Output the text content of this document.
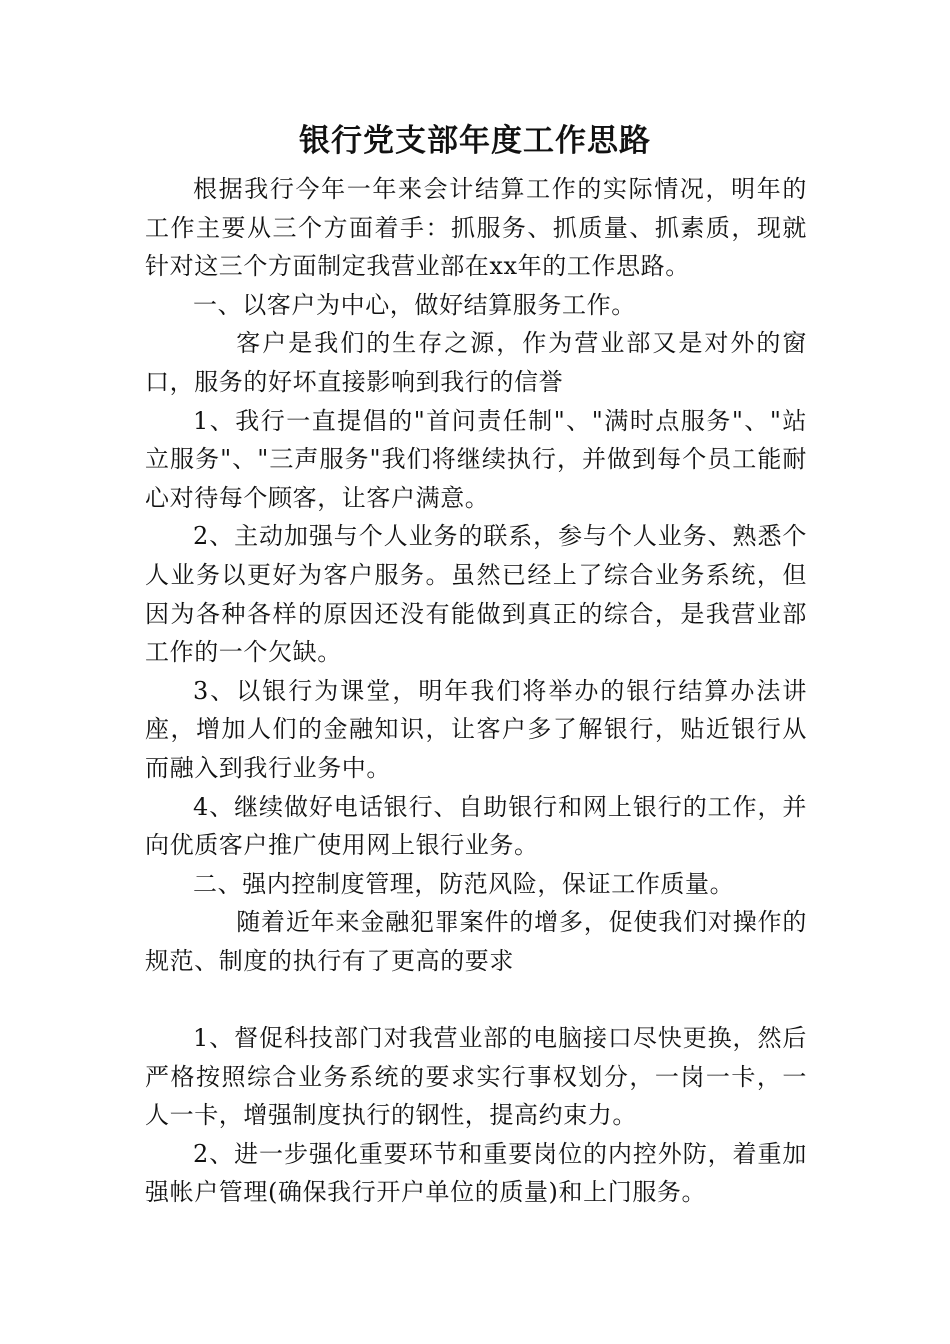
银行党支部年度工作思路

根据我行今年一年来会计结算工作的实际情况，明年的工作主要从三个方面着手：抓服务、抓质量、抓素质，现就针对这三个方面制定我营业部在xx年的工作思路。

一、以客户为中心，做好结算服务工作。

客户是我们的生存之源，作为营业部又是对外的窗口，服务的好坏直接影响到我行的信誉

1、我行一直提倡的"首问责任制"、"满时点服务"、"站立服务"、"三声服务"我们将继续执行，并做到每个员工能耐心对待每个顾客，让客户满意。

2、主动加强与个人业务的联系，参与个人业务、熟悉个人业务以更好为客户服务。虽然已经上了综合业务系统，但因为各种各样的原因还没有能做到真正的综合，是我营业部工作的一个欠缺。

3、以银行为课堂，明年我们将举办的银行结算办法讲座，增加人们的金融知识，让客户多了解银行，贴近银行从而融入到我行业务中。

4、继续做好电话银行、自助银行和网上银行的工作，并向优质客户推广使用网上银行业务。

二、强内控制度管理，防范风险，保证工作质量。

随着近年来金融犯罪案件的增多，促使我们对操作的规范、制度的执行有了更高的要求

1、督促科技部门对我营业部的电脑接口尽快更换，然后严格按照综合业务系统的要求实行事权划分，一岗一卡，一人一卡，增强制度执行的钢性，提高约束力。

2、进一步强化重要环节和重要岗位的内控外防，着重加强帐户管理(确保我行开户单位的质量)和上门服务。
